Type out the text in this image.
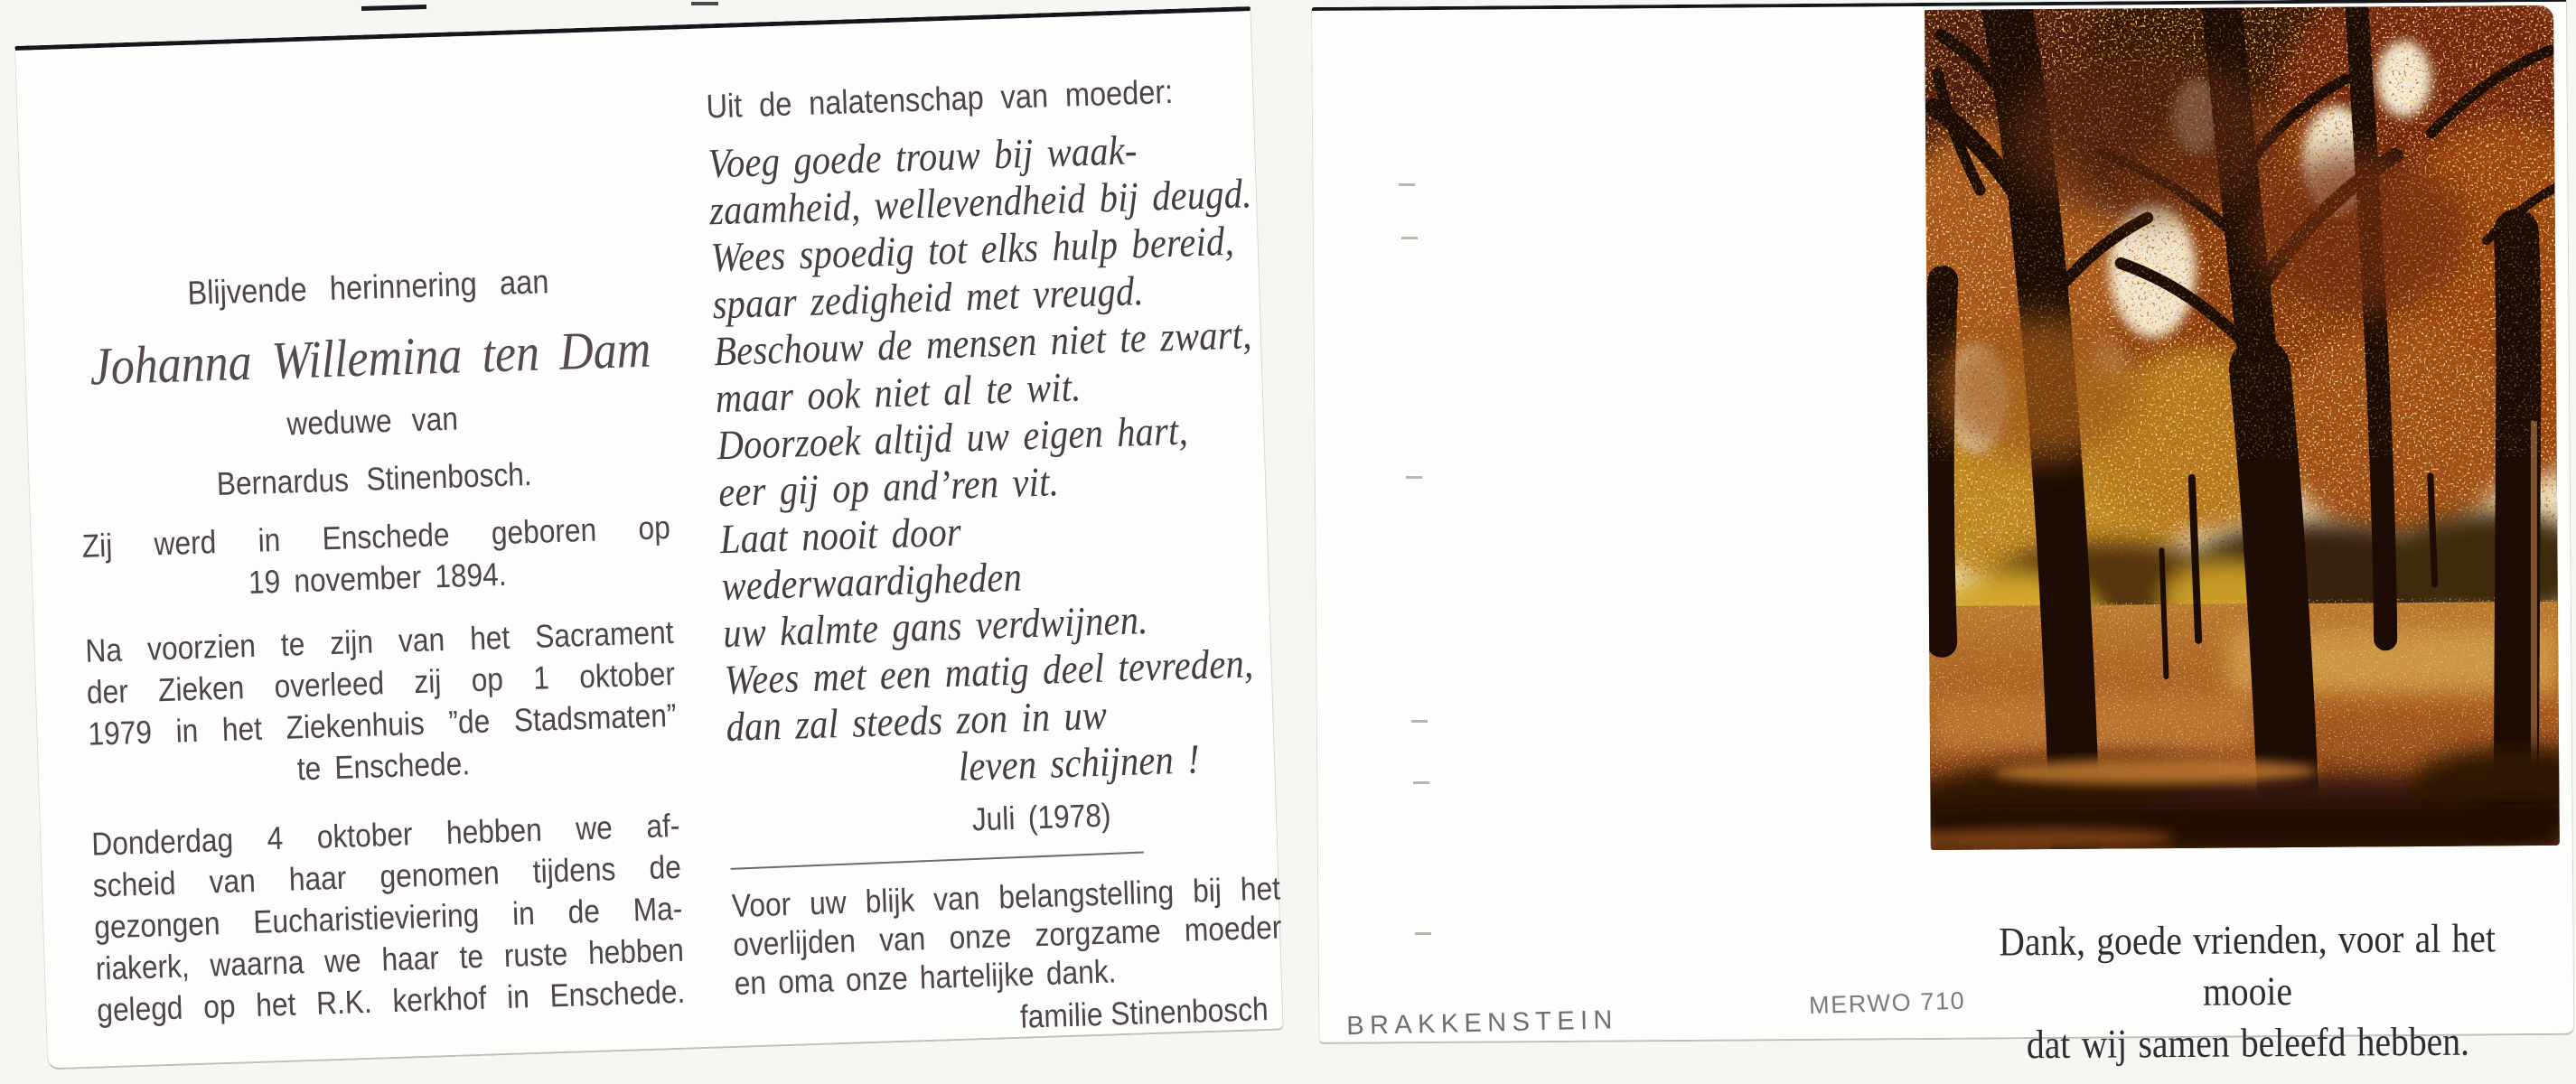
Blijvende herinnering aan
Johanna Willemina ten Dam
weduwe van
Bernardus Stinenbosch.
Zij werd in Enschede geboren op
19 november 1894.
Na voorzien te zijn van het Sacrament
der Zieken overleed zij op 1 oktober
1979 in het Ziekenhuis ”de Stadsmaten”
te Enschede.
Donderdag 4 oktober hebben we af-
scheid van haar genomen tijdens de
gezongen Eucharistieviering in de Ma-
riakerk, waarna we haar te ruste hebben
gelegd op het R.K. kerkhof in Enschede.
Uit de nalatenschap van moeder:
Voeg goede trouw bij waak-
zaamheid, wellevendheid bij deugd.
Wees spoedig tot elks hulp bereid,
spaar zedigheid met vreugd.
Beschouw de mensen niet te zwart,
maar ook niet al te wit.
Doorzoek altijd uw eigen hart,
eer gij op and’ren vit.
Laat nooit door wederwaardigheden
uw kalmte gans verdwijnen.
Wees met een matig deel tevreden,
dan zal steeds zon in uw
leven schijnen !
Juli (1978)
Voor uw blijk van belangstelling bij het
overlijden van onze zorgzame moeder
en oma onze hartelijke dank.
familie Stinenbosch
Dank, goede vrienden, voor al het mooie
dat wij samen beleefd hebben.
BRAKKENSTEIN
MERWO 710
